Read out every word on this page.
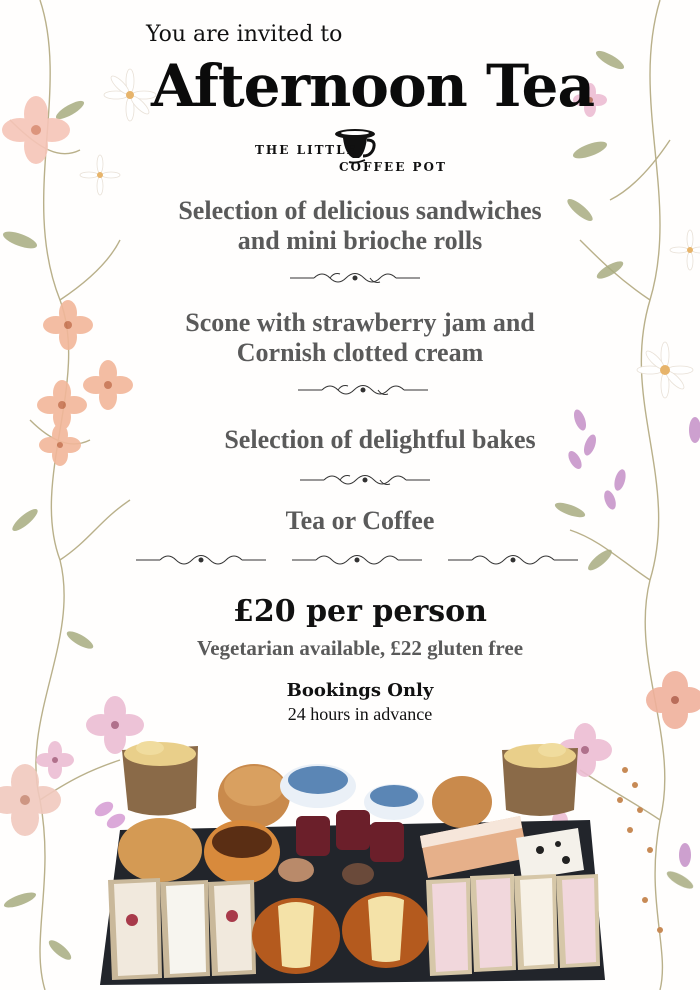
You are invited to
Afternoon Tea
THE LITTLE
COFFEE POT
Selection of delicious sandwiches
and mini brioche rolls
Scone with strawberry jam and
Cornish clotted cream
Selection of delightful bakes
Tea or Coffee
£20 per person
Vegetarian available, £22 gluten free
Bookings Only
24 hours in advance
